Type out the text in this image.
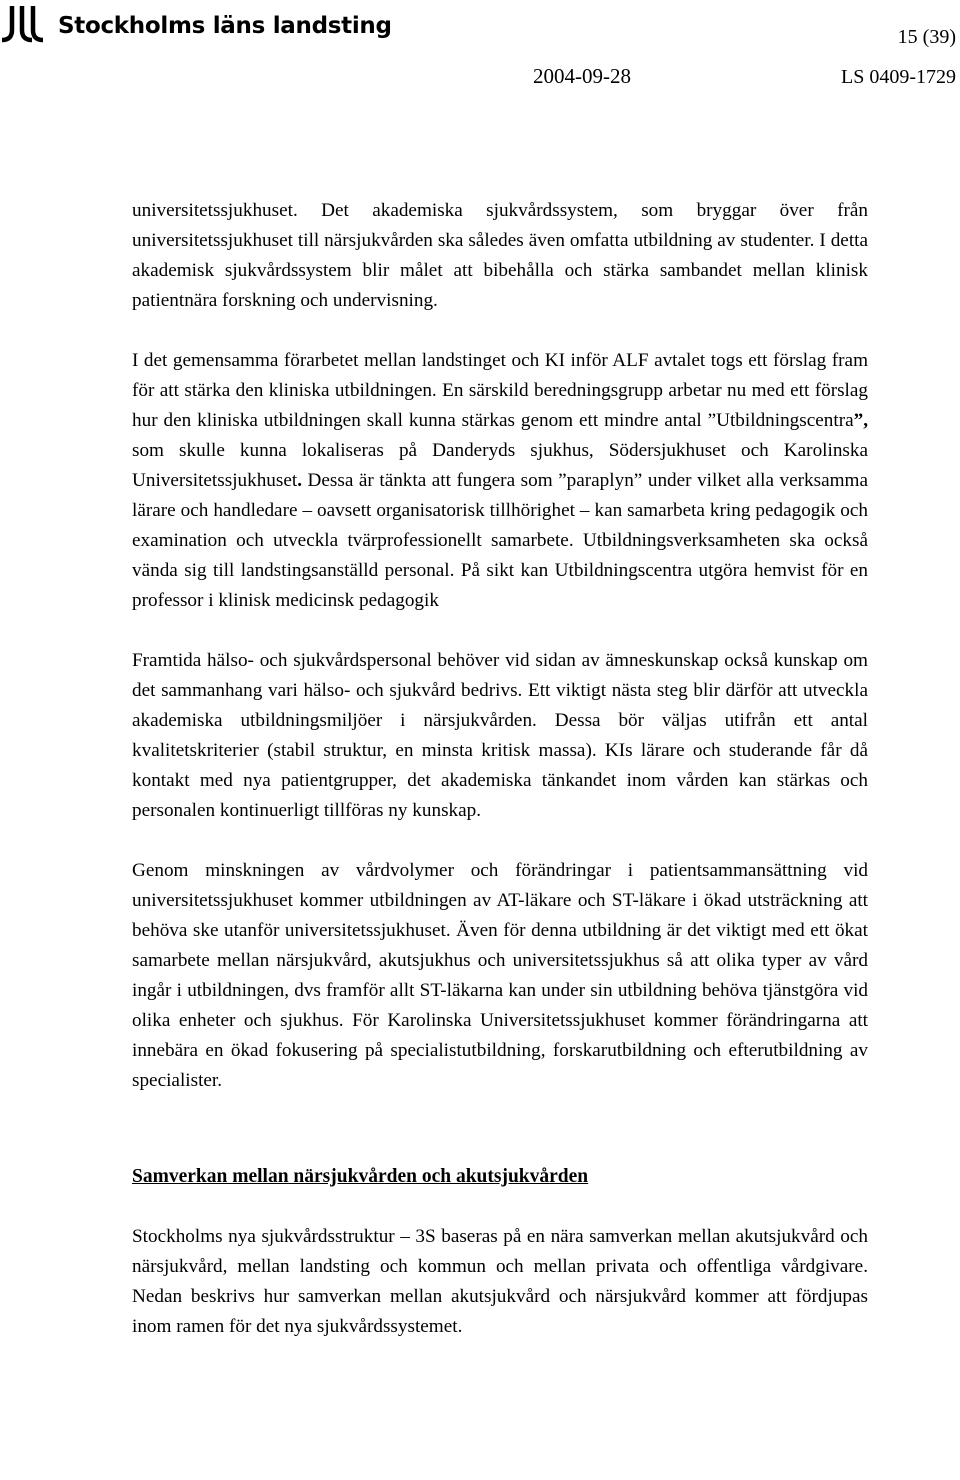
Stockholms läns landsting	15 (39)
2004-09-28	LS 0409-1729

universitetssjukhuset. Det akademiska sjukvårdssystem, som bryggar över från universitetssjukhuset till närsjukvården ska således även omfatta utbildning av studenter. I detta akademisk sjukvårdssystem blir målet att bibehålla och stärka sambandet mellan klinisk patientnära forskning och undervisning.

I det gemensamma förarbetet mellan landstinget och KI inför ALF avtalet togs ett förslag fram för att stärka den kliniska utbildningen. En särskild beredningsgrupp arbetar nu med ett förslag hur den kliniska utbildningen skall kunna stärkas genom ett mindre antal ”Utbildningscentra”, som skulle kunna lokaliseras på Danderyds sjukhus, Södersjukhuset och Karolinska Universitetssjukhuset. Dessa är tänkta att fungera som ”paraplyn” under vilket alla verksamma lärare och handledare – oavsett organisatorisk tillhörighet – kan samarbeta kring pedagogik och examination och utveckla tvärprofessionellt samarbete. Utbildningsverksamheten ska också vända sig till landstingsanställd personal. På sikt kan Utbildningscentra utgöra hemvist för en professor i klinisk medicinsk pedagogik

Framtida hälso- och sjukvårdspersonal behöver vid sidan av ämneskunskap också kunskap om det sammanhang vari hälso- och sjukvård bedrivs. Ett viktigt nästa steg blir därför att utveckla akademiska utbildningsmiljöer i närsjukvården. Dessa bör väljas utifrån ett antal kvalitetskriterier (stabil struktur, en minsta kritisk massa). KIs lärare och studerande får då kontakt med nya patientgrupper, det akademiska tänkandet inom vården kan stärkas och personalen kontinuerligt tillföras ny kunskap.

Genom minskningen av vårdvolymer och förändringar i patientsammansättning vid universitetssjukhuset kommer utbildningen av AT-läkare och ST-läkare i ökad utsträckning att behöva ske utanför universitetssjukhuset. Även för denna utbildning är det viktigt med ett ökat samarbete mellan närsjukvård, akutsjukhus och universitetssjukhus så att olika typer av vård ingår i utbildningen, dvs framför allt ST-läkarna kan under sin utbildning behöva tjänstgöra vid olika enheter och sjukhus. För Karolinska Universitetssjukhuset kommer förändringarna att innebära en ökad fokusering på specialistutbildning, forskarutbildning och efterutbildning av specialister.

Samverkan mellan närsjukvården och akutsjukvården

Stockholms nya sjukvårdsstruktur – 3S baseras på en nära samverkan mellan akutsjukvård och närsjukvård, mellan landsting och kommun och mellan privata och offentliga vårdgivare. Nedan beskrivs hur samverkan mellan akutsjukvård och närsjukvård kommer att fördjupas inom ramen för det nya sjukvårdssystemet.
